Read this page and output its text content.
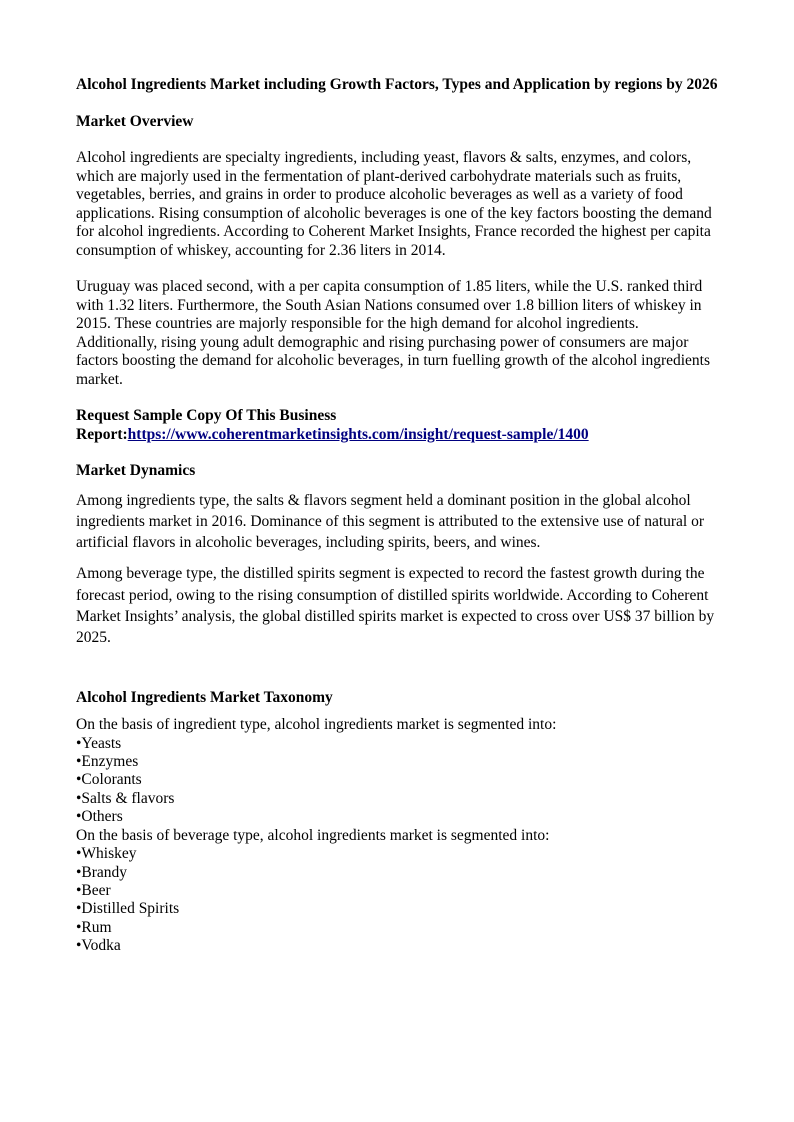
Alcohol Ingredients Market including Growth Factors, Types and Application by regions by 2026

Market Overview

Alcohol ingredients are specialty ingredients, including yeast, flavors & salts, enzymes, and colors, which are majorly used in the fermentation of plant-derived carbohydrate materials such as fruits, vegetables, berries, and grains in order to produce alcoholic beverages as well as a variety of food applications. Rising consumption of alcoholic beverages is one of the key factors boosting the demand for alcohol ingredients. According to Coherent Market Insights, France recorded the highest per capita consumption of whiskey, accounting for 2.36 liters in 2014.

Uruguay was placed second, with a per capita consumption of 1.85 liters, while the U.S. ranked third with 1.32 liters. Furthermore, the South Asian Nations consumed over 1.8 billion liters of whiskey in 2015. These countries are majorly responsible for the high demand for alcohol ingredients. Additionally, rising young adult demographic and rising purchasing power of consumers are major factors boosting the demand for alcoholic beverages, in turn fuelling growth of the alcohol ingredients market.

Request Sample Copy Of This Business
Report:https://www.coherentmarketinsights.com/insight/request-sample/1400

Market Dynamics

Among ingredients type, the salts & flavors segment held a dominant position in the global alcohol ingredients market in 2016. Dominance of this segment is attributed to the extensive use of natural or artificial flavors in alcoholic beverages, including spirits, beers, and wines.

Among beverage type, the distilled spirits segment is expected to record the fastest growth during the forecast period, owing to the rising consumption of distilled spirits worldwide. According to Coherent Market Insights’ analysis, the global distilled spirits market is expected to cross over US$ 37 billion by 2025.

Alcohol Ingredients Market Taxonomy

On the basis of ingredient type, alcohol ingredients market is segmented into:

•Yeasts
•Enzymes
•Colorants
•Salts & flavors
•Others

On the basis of beverage type, alcohol ingredients market is segmented into:

•Whiskey
•Brandy
•Beer
•Distilled Spirits
•Rum
•Vodka
